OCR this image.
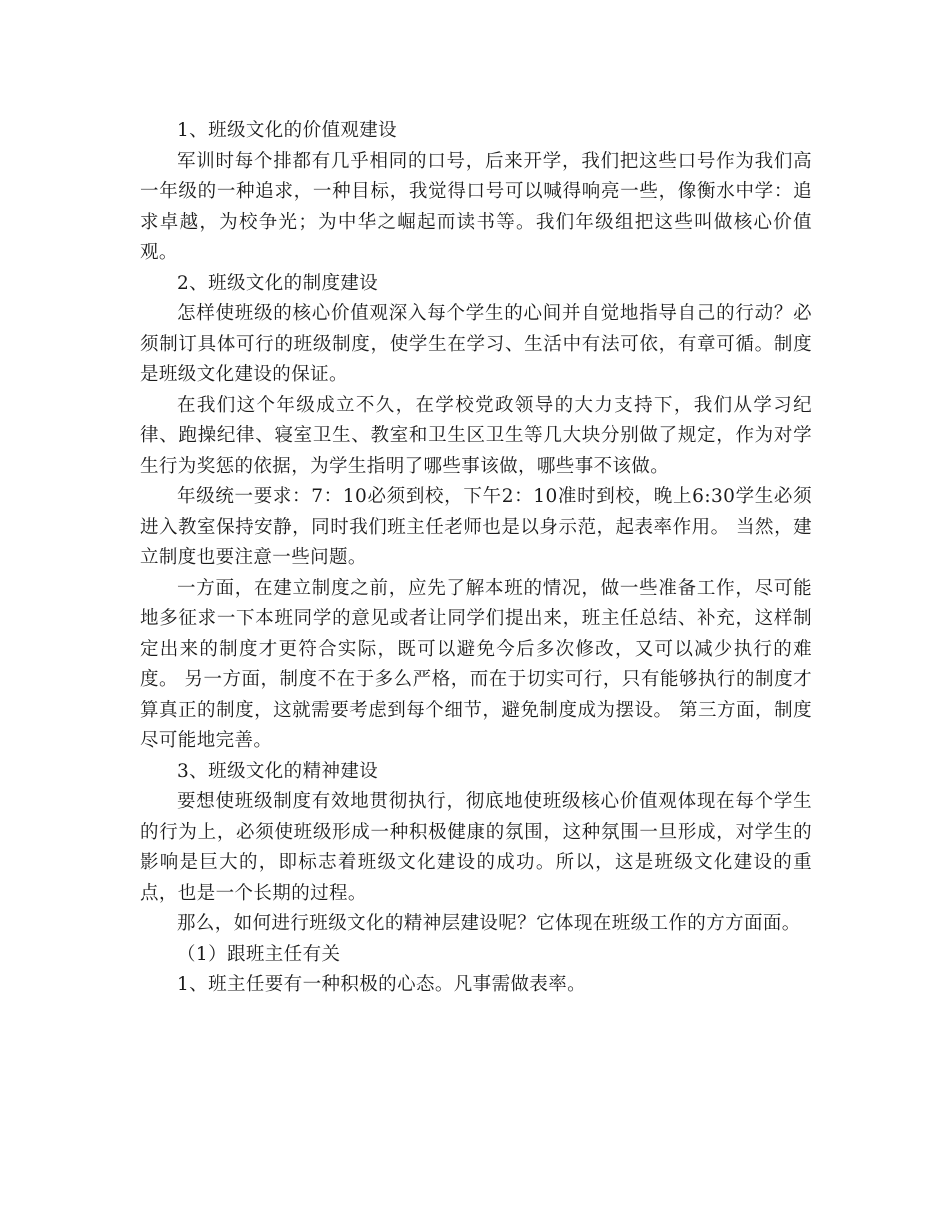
1、班级文化的价值观建设

军训时每个排都有几乎相同的口号，后来开学，我们把这些口号作为我们高一年级的一种追求，一种目标，我觉得口号可以喊得响亮一些，像衡水中学：追求卓越，为校争光；为中华之崛起而读书等。我们年级组把这些叫做核心价值观。

2、班级文化的制度建设

怎样使班级的核心价值观深入每个学生的心间并自觉地指导自己的行动？必须制订具体可行的班级制度，使学生在学习、生活中有法可依，有章可循。制度是班级文化建设的保证。

在我们这个年级成立不久，在学校党政领导的大力支持下，我们从学习纪律、跑操纪律、寝室卫生、教室和卫生区卫生等几大块分别做了规定，作为对学生行为奖惩的依据，为学生指明了哪些事该做，哪些事不该做。

年级统一要求：7：10必须到校，下午2：10准时到校，晚上6:30学生必须进入教室保持安静，同时我们班主任老师也是以身示范，起表率作用。 当然，建立制度也要注意一些问题。

一方面，在建立制度之前，应先了解本班的情况，做一些准备工作，尽可能地多征求一下本班同学的意见或者让同学们提出来，班主任总结、补充，这样制定出来的制度才更符合实际，既可以避免今后多次修改，又可以减少执行的难度。 另一方面，制度不在于多么严格，而在于切实可行，只有能够执行的制度才算真正的制度，这就需要考虑到每个细节，避免制度成为摆设。 第三方面，制度尽可能地完善。

3、班级文化的精神建设

要想使班级制度有效地贯彻执行，彻底地使班级核心价值观体现在每个学生的行为上，必须使班级形成一种积极健康的氛围，这种氛围一旦形成，对学生的影响是巨大的，即标志着班级文化建设的成功。所以，这是班级文化建设的重点，也是一个长期的过程。

那么，如何进行班级文化的精神层建设呢？它体现在班级工作的方方面面。

（1）跟班主任有关

1、班主任要有一种积极的心态。凡事需做表率。
